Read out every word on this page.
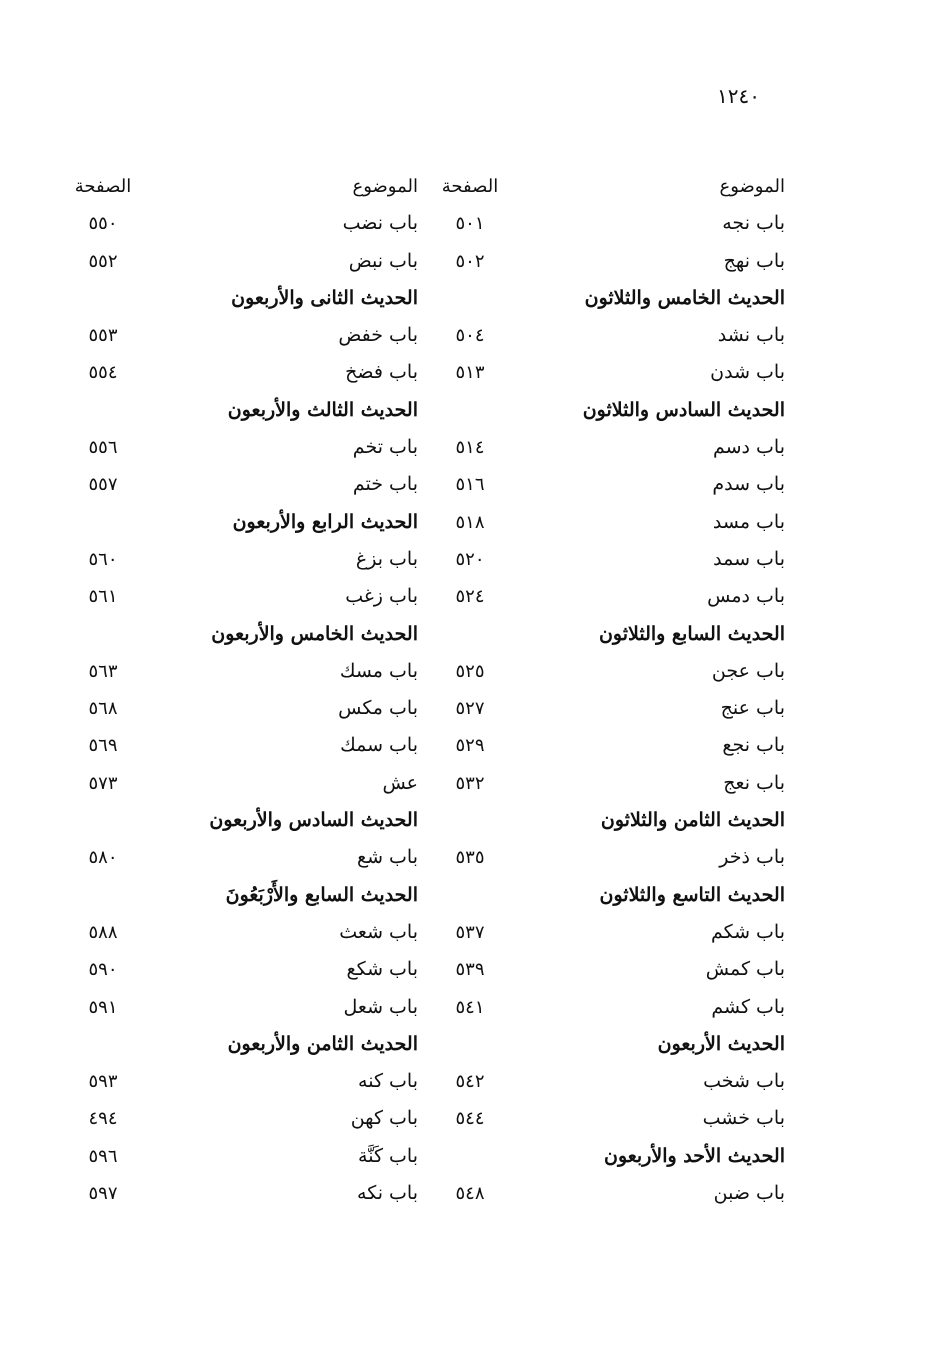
١٢٤٠
الموضوع
الصفحة
باب نجه
٥٠١
باب نهج
٥٠٢
الحديث الخامس والثلاثون
باب نشد
٥٠٤
باب شدن
٥١٣
الحديث السادس والثلاثون
باب دسم
٥١٤
باب سدم
٥١٦
باب مسد
٥١٨
باب سمد
٥٢٠
باب دمس
٥٢٤
الحديث السابع والثلاثون
باب عجن
٥٢٥
باب عنج
٥٢٧
باب نجع
٥٢٩
باب نعج
٥٣٢
الحديث الثامن والثلاثون
باب ذخر
٥٣٥
الحديث التاسع والثلاثون
باب شكم
٥٣٧
باب كمش
٥٣٩
باب كشم
٥٤١
الحديث الأربعون
باب شخب
٥٤٢
باب خشب
٥٤٤
الحديث الأحد والأربعون
باب ضبن
٥٤٨
الموضوع
الصفحة
باب نضب
٥٥٠
باب نبض
٥٥٢
الحديث الثانى والأربعون
باب خفض
٥٥٣
باب فضخ
٥٥٤
الحديث الثالث والأربعون
باب تخم
٥٥٦
باب ختم
٥٥٧
الحديث الرابع والأربعون
باب بزغ
٥٦٠
باب زغب
٥٦١
الحديث الخامس والأربعون
باب مسك
٥٦٣
باب مكس
٥٦٨
باب سمك
٥٦٩
عش
٥٧٣
الحديث السادس والأربعون
باب شع
٥٨٠
الحديث السابع والأَرْبَعُونَ
باب شعث
٥٨٨
باب شكع
٥٩٠
باب شعل
٥٩١
الحديث الثامن والأربعون
باب كنه
٥٩٣
باب كهن
٤٩٤
باب كَنَّة
٥٩٦
باب نكه
٥٩٧
